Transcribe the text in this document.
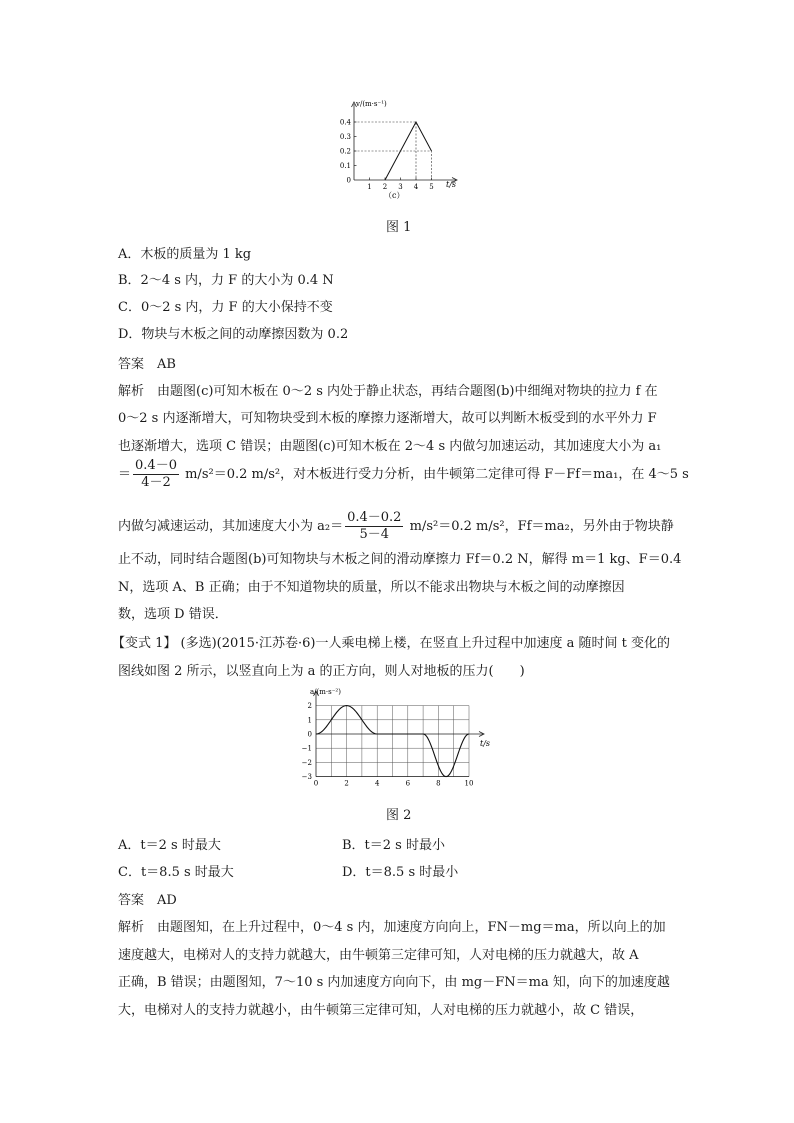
0.4
0.3
0.2
0.1
0
1 2 3 4 5
v/(m·s⁻¹)
t/s
（c）
图 1
A．木板的质量为 1 kg
B．2～4 s 内，力 F 的大小为 0.4 N
C．0～2 s 内，力 F 的大小保持不变
D．物块与木板之间的动摩擦因数为 0.2
答案　AB
解析　由题图(c)可知木板在 0～2 s 内处于静止状态，再结合题图(b)中细绳对物块的拉力 f 在
0～2 s 内逐渐增大，可知物块受到木板的摩擦力逐渐增大，故可以判断木板受到的水平外力 F
也逐渐增大，选项 C 错误；由题图(c)可知木板在 2～4 s 内做匀加速运动，其加速度大小为 a₁
＝ $\frac{0.4-0}{4-2} m/s^2=0.2$ m/s²，对木板进行受力分析，由牛顿第二定律可得 F－Ff＝ma₁，在 4～5 s
内做匀减速运动，其加速度大小为 $a_2= \frac{0.4-0.2}{5-4} m/s^2=0.2$ m/s²，Ff＝ma₂，另外由于物块静
止不动，同时结合题图(b)可知物块与木板之间的滑动摩擦力 Ff＝0.2 N，解得 m＝1 kg、F＝0.4
N，选项 A、B 正确；由于不知道物块的质量，所以不能求出物块与木板之间的动摩擦因
数，选项 D 错误．
【变式 1】 (多选)(2015·江苏卷·6)一人乘电梯上楼，在竖直上升过程中加速度 a 随时间 t 变化的
图线如图 2 所示，以竖直向上为 a 的正方向，则人对地板的压力(　　)
2
1
0
−1
−2
−3
0	2	4	6	8	10
a/(m·s⁻²)
t/s
图 2
A．t＝2 s 时最大	B．t＝2 s 时最小
C．t＝8.5 s 时最大	D．t＝8.5 s 时最小
答案　AD
解析　由题图知，在上升过程中，0～4 s 内，加速度方向向上，FN－mg＝ma，所以向上的加
速度越大，电梯对人的支持力就越大，由牛顿第三定律可知，人对电梯的压力就越大，故 A
正确，B 错误；由题图知，7～10 s 内加速度方向向下，由 mg－FN＝ma 知，向下的加速度越
大，电梯对人的支持力就越小，由牛顿第三定律可知，人对电梯的压力就越小，故 C 错误，
